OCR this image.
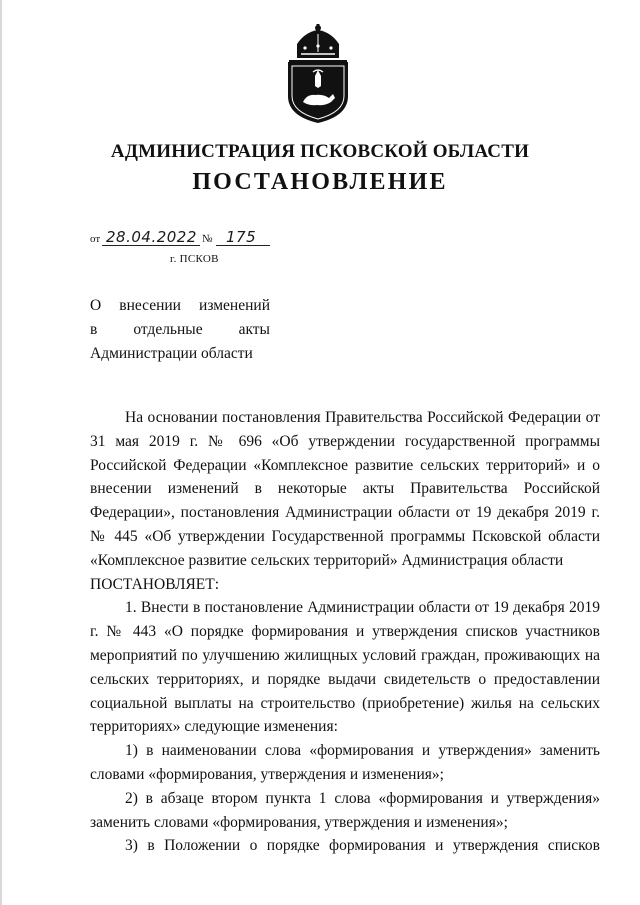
АДМИНИСТРАЦИЯ ПСКОВСКОЙ ОБЛАСТИ
ПОСТАНОВЛЕНИЕ
от 28.04.2022 № 175
г. ПСКОВ
О внесении изменений
в отдельные акты
Администрации области

На основании постановления Правительства Российской Федерации от 31 мая 2019 г. № 696 «Об утверждении государственной программы Российской Федерации «Комплексное развитие сельских территорий» и о внесении изменений в некоторые акты Правительства Российской Федерации», постановления Администрации области от 19 декабря 2019 г. № 445 «Об утверждении Государственной программы Псковской области «Комплексное развитие сельских территорий» Администрация области

ПОСТАНОВЛЯЕТ:

1. Внести в постановление Администрации области от 19 декабря 2019 г. № 443 «О порядке формирования и утверждения списков участников мероприятий по улучшению жилищных условий граждан, проживающих на сельских территориях, и порядке выдачи свидетельств о предоставлении социальной выплаты на строительство (приобретение) жилья на сельских территориях» следующие изменения:

1) в наименовании слова «формирования и утверждения» заменить словами «формирования, утверждения и изменения»;

2) в абзаце втором пункта 1 слова «формирования и утверждения» заменить словами «формирования, утверждения и изменения»;

3) в Положении о порядке формирования и утверждения списков
